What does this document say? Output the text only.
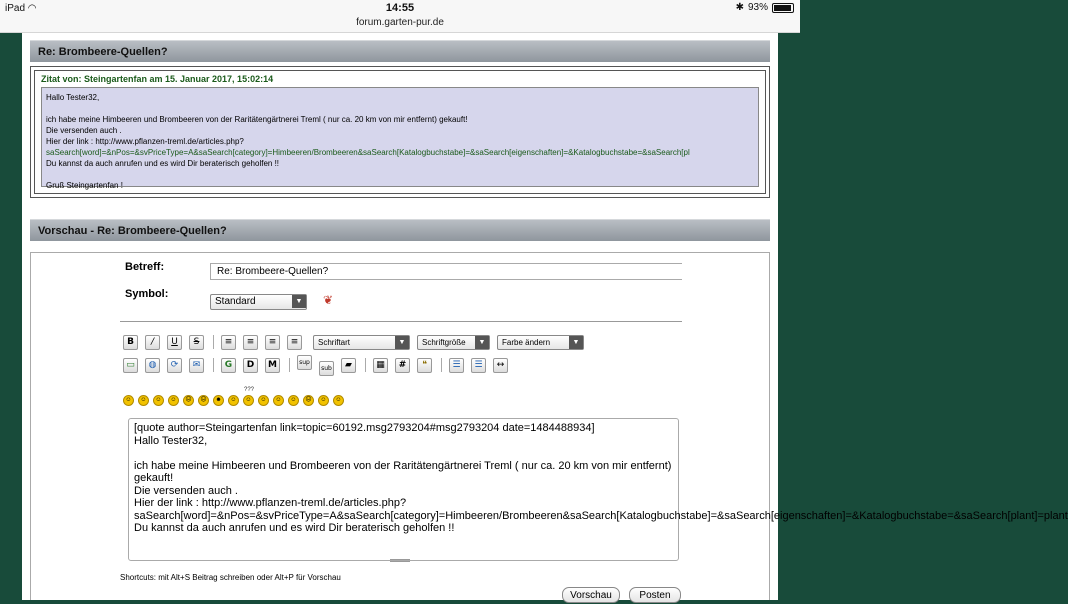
iPad ◠	14:55
forum.garten-pur.de
✱ 93%
Re: Brombeere-Quellen?
Zitat von: Steingartenfan am 15. Januar 2017, 15:02:14
Hallo Tester32,
ich habe meine Himbeeren und Brombeeren von der Raritätengärtnerei Treml ( nur ca. 20 km von mir entfernt) gekauft!
Die versenden auch .
Hier der link : http://www.pflanzen-treml.de/articles.php?
saSearch[word]=&nPos=&svPriceType=A&saSearch[category]=Himbeeren/Brombeeren&saSearch[Katalogbuchstabe]=&saSearch[eigenschaften]=&Katalogbuchstabe=&saSearch[pl
Du kannst da auch anrufen und es wird Dir beraterisch geholfen !!
Gruß Steingartenfan !
Vorschau - Re: Brombeere-Quellen?
Betreff:	Re: Brombeere-Quellen?
Symbol:
Standard	▼ ❦
B	/	U	S	≡	≡	≡	≡	Schriftart	▼	Schriftgröße	▼	Farbe ändern	▼
▭	◍	⟳	✉	G	D	M	sup
sub	▰	▦	#	❝	☰	☰	↔
???
☺	☺	☺	☺	☹	☹	☻	☺	☺	☺	☺	☺	☹	☺	☺
[quote author=Steingartenfan link=topic=60192.msg2793204#msg2793204 date=1484488934]
Hallo Tester32,

ich habe meine Himbeeren und Brombeeren von der Raritätengärtnerei Treml ( nur ca. 20 km von mir entfernt) gekauft!
Die versenden auch .
Hier der link : http://www.pflanzen-treml.de/articles.php?
saSearch[word]=&nPos=&svPriceType=A&saSearch[category]=Himbeeren/Brombeeren&saSearch[Katalogbuchstabe]=&saSearch[eigenschaften]=&Katalogbuchstabe=&saSearch[plant]=plant
Du kannst da auch anrufen und es wird Dir beraterisch geholfen !!
Shortcuts: mit Alt+S Beitrag schreiben oder Alt+P für Vorschau
Vorschau	Posten
